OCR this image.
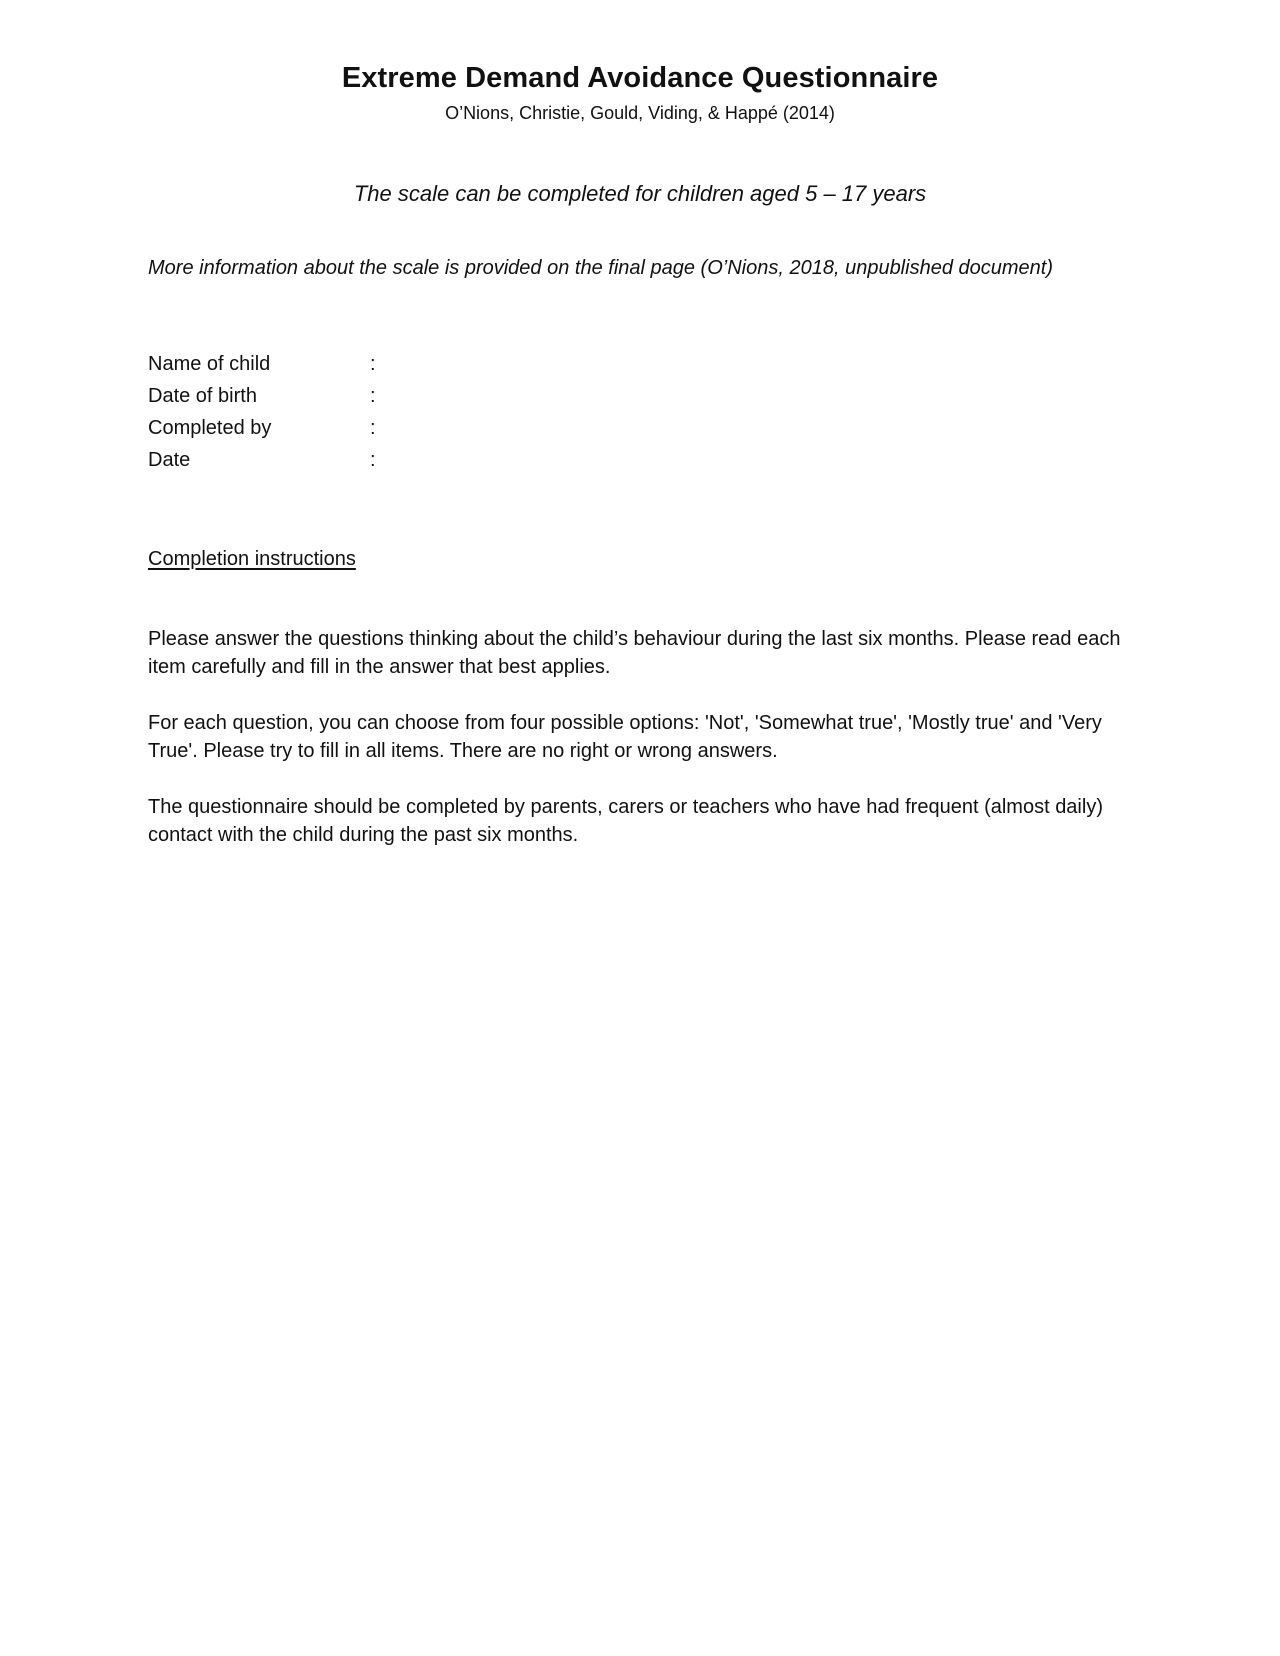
Extreme Demand Avoidance Questionnaire
O’Nions, Christie, Gould, Viding, & Happé (2014)
The scale can be completed for children aged 5 – 17 years
More information about the scale is provided on the final page (O’Nions, 2018, unpublished document)
Name of child	:
Date of birth	:
Completed by	:
Date	:
Completion instructions

Please answer the questions thinking about the child’s behaviour during the last six months. Please read each item carefully and fill in the answer that best applies.

For each question, you can choose from four possible options: 'Not', 'Somewhat true', 'Mostly true' and 'Very True'. Please try to fill in all items. There are no right or wrong answers.

The questionnaire should be completed by parents, carers or teachers who have had frequent (almost daily) contact with the child during the past six months.
